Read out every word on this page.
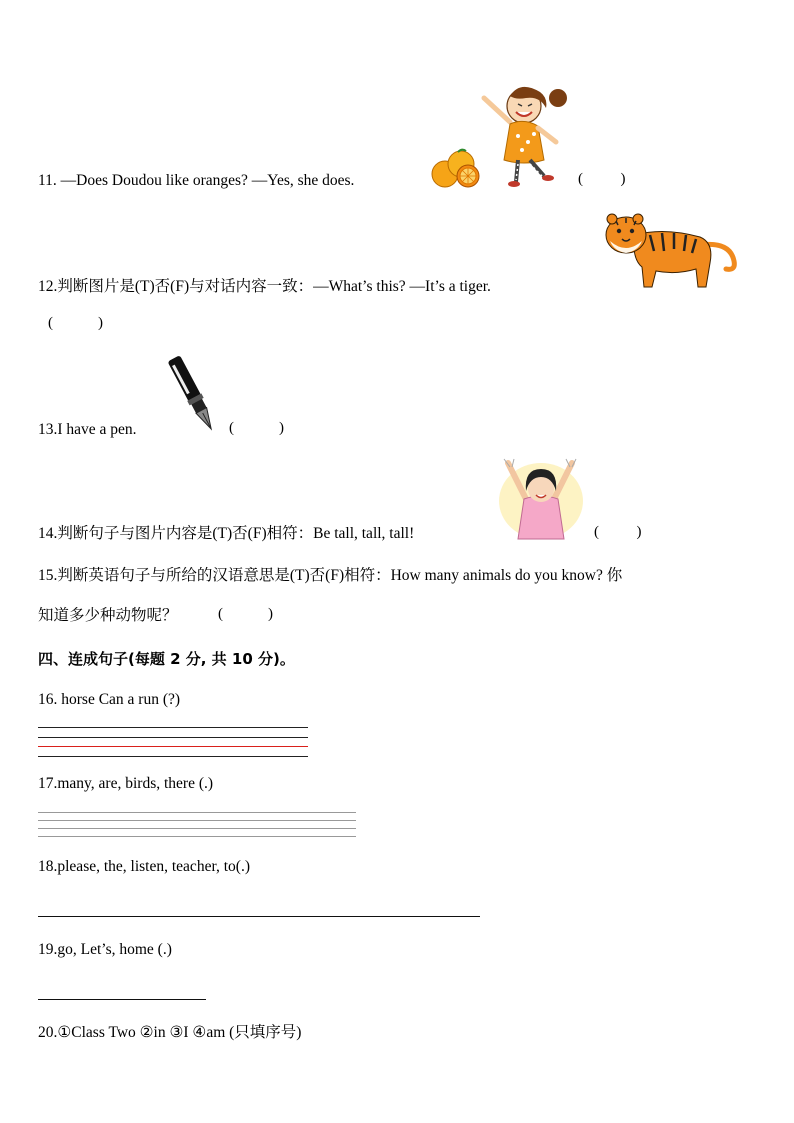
11. —Does Doudou like oranges? —Yes, she does.	(          )
12.判断图片是(T)否(F)与对话内容一致：—What’s this? —It’s a tiger.
(            )
13.I have a pen.	(            )
14.判断句子与图片内容是(T)否(F)相符：Be tall, tall, tall!	(          )
15.判断英语句子与所给的汉语意思是(T)否(F)相符：How many animals do you know? 你
知道多少种动物呢？	(            )
四、连成句子(每题 2 分, 共 10 分)。
16. horse Can a run (?)
17.many, are, birds, there (.)
18.please, the, listen, teacher, to(.)
19.go, Let’s, home (.)
20.①Class Two ②in ③I ④am (只填序号)
